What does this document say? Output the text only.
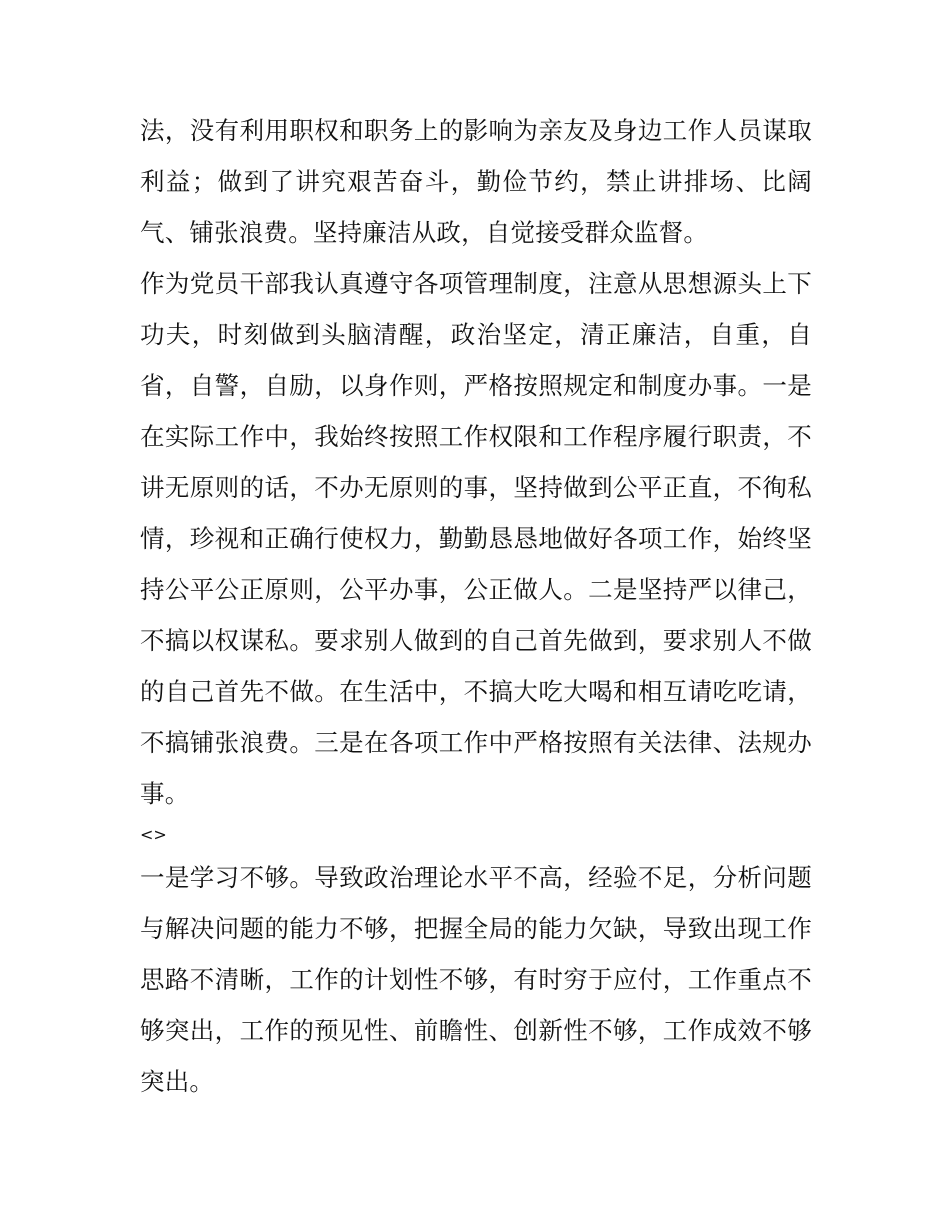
法，没有利用职权和职务上的影响为亲友及身边工作人员谋取
利益；做到了讲究艰苦奋斗，勤俭节约，禁止讲排场、比阔
气、铺张浪费。坚持廉洁从政，自觉接受群众监督。
作为党员干部我认真遵守各项管理制度，注意从思想源头上下
功夫，时刻做到头脑清醒，政治坚定，清正廉洁，自重，自
省，自警，自励，以身作则，严格按照规定和制度办事。一是
在实际工作中，我始终按照工作权限和工作程序履行职责，不
讲无原则的话，不办无原则的事，坚持做到公平正直，不徇私
情，珍视和正确行使权力，勤勤恳恳地做好各项工作，始终坚
持公平公正原则，公平办事，公正做人。二是坚持严以律己，
不搞以权谋私。要求别人做到的自己首先做到，要求别人不做
的自己首先不做。在生活中，不搞大吃大喝和相互请吃吃请，
不搞铺张浪费。三是在各项工作中严格按照有关法律、法规办
事。
<>
一是学习不够。导致政治理论水平不高，经验不足，分析问题
与解决问题的能力不够，把握全局的能力欠缺，导致出现工作
思路不清晰，工作的计划性不够，有时穷于应付，工作重点不
够突出，工作的预见性、前瞻性、创新性不够，工作成效不够
突出。
